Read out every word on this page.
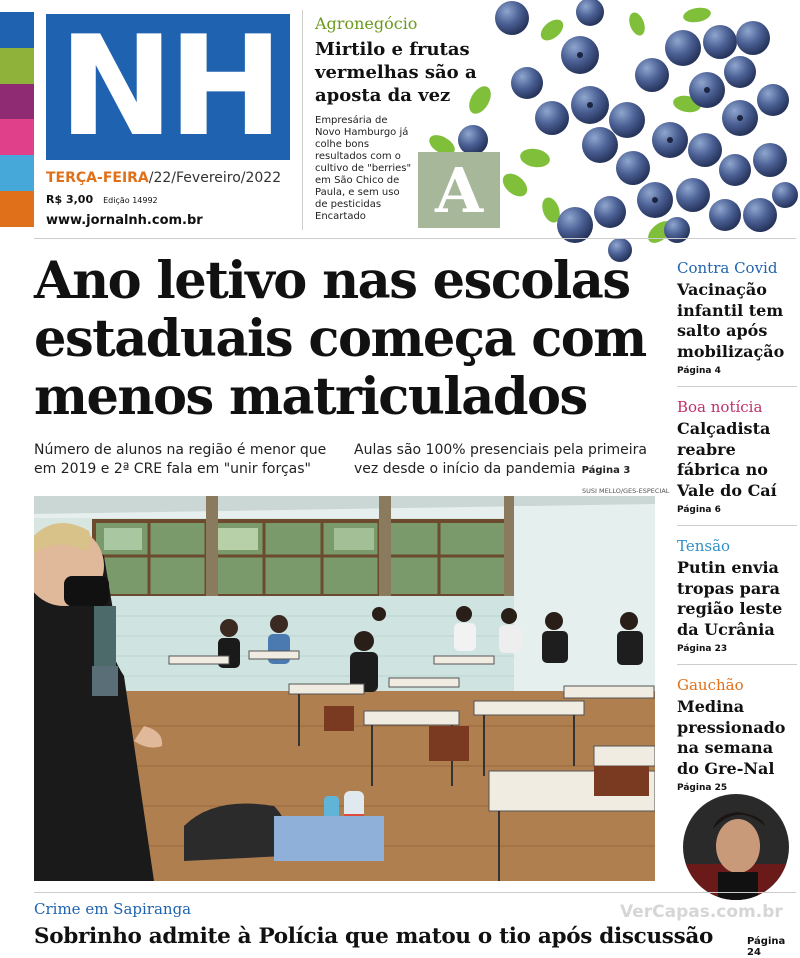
NH
TERÇA-FEIRA/22/Fevereiro/2022
R$ 3,00 Edição 14992
www.jornalnh.com.br
Agronegócio
Mirtilo e frutas vermelhas são a aposta da vez
Empresária de Novo Hamburgo já colhe bons resultados com o cultivo de "berries" em São Chico de Paula, e sem uso de pesticidas
Encartado	A
Ano letivo nas escolas estaduais começa com menos matriculados
Número de alunos na região é menor que em 2019 e 2ª CRE fala em "unir forças"
Aulas são 100% presenciais pela primeira vez desde o início da pandemia Página 3
SUSI MELLO/GES-ESPECIAL
Contra Covid
Vacinação infantil tem salto após mobilização
Página 4
Boa notícia
Calçadista reabre fábrica no Vale do Caí
Página 6
Tensão
Putin envia tropas para região leste da Ucrânia
Página 23
Gauchão
Medina pressionado na semana do Gre-Nal
Página 25
Crime em Sapiranga
Sobrinho admite à Polícia que matou o tio após discussão	Página 24
VerCapas.com.br
